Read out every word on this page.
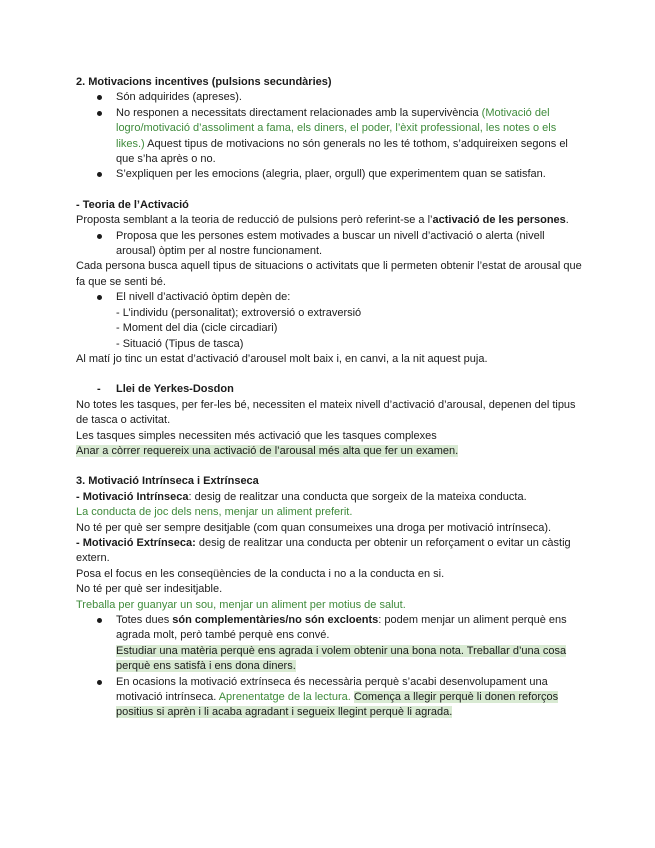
2. Motivacions incentives (pulsions secundàries)

Són adquirides (apreses).
No responen a necessitats directament relacionades amb la supervivència (Motivació del logro/motivació d’assoliment a fama, els diners, el poder, l’èxit professional, les notes o els likes.) Aquest tipus de motivacions no són generals no les té tothom, s’adquireixen segons el que s’ha après o no.
S’expliquen per les emocions (alegria, plaer, orgull) que experimentem quan se satisfan.

- Teoria de l’Activació

Proposta semblant a la teoria de reducció de pulsions però referint-se a l’activació de les persones.

Proposa que les persones estem motivades a buscar un nivell d’activació o alerta (nivell arousal) òptim per al nostre funcionament.

Cada persona busca aquell tipus de situacions o activitats que li permeten obtenir l’estat de arousal que fa que se senti bé.

El nivell d’activació òptim depèn de:
- L’individu (personalitat); extroversió o extraversió
- Moment del dia (cicle circadiari)
- Situació (Tipus de tasca)

Al matí jo tinc un estat d’activació d’arousel molt baix i, en canvi, a la nit aquest puja.

- Llei de Yerkes-Dosdon

No totes les tasques, per fer-les bé, necessiten el mateix nivell d’activació d’arousal, depenen del tipus de tasca o activitat.

Les tasques simples necessiten més activació que les tasques complexes

Anar a còrrer requereix una activació de l’arousal més alta que fer un examen.

3. Motivació Intrínseca i Extrínseca

- Motivació Intrínseca: desig de realitzar una conducta que sorgeix de la mateixa conducta.

La conducta de joc dels nens, menjar un aliment preferit.

No té per què ser sempre desitjable (com quan consumeixes una droga per motivació intrínseca).

- Motivació Extrínseca: desig de realitzar una conducta per obtenir un reforçament o evitar un càstig extern.

Posa el focus en les conseqüències de la conducta i no a la conducta en si.

No té per què ser indesitjable.

Treballa per guanyar un sou, menjar un aliment per motius de salut.

Totes dues són complementàries/no són excloents: podem menjar un aliment perquè ens agrada molt, però també perquè ens convé.
Estudiar una matèria perquè ens agrada i volem obtenir una bona nota. Treballar d’una cosa perquè ens satisfà i ens dona diners.
En ocasions la motivació extrínseca és necessària perquè s’acabi desenvolupament una motivació intrínseca. Aprenentatge de la lectura. Comença a llegir perquè li donen reforços positius si aprèn i li acaba agradant i segueix llegint perquè li agrada.
